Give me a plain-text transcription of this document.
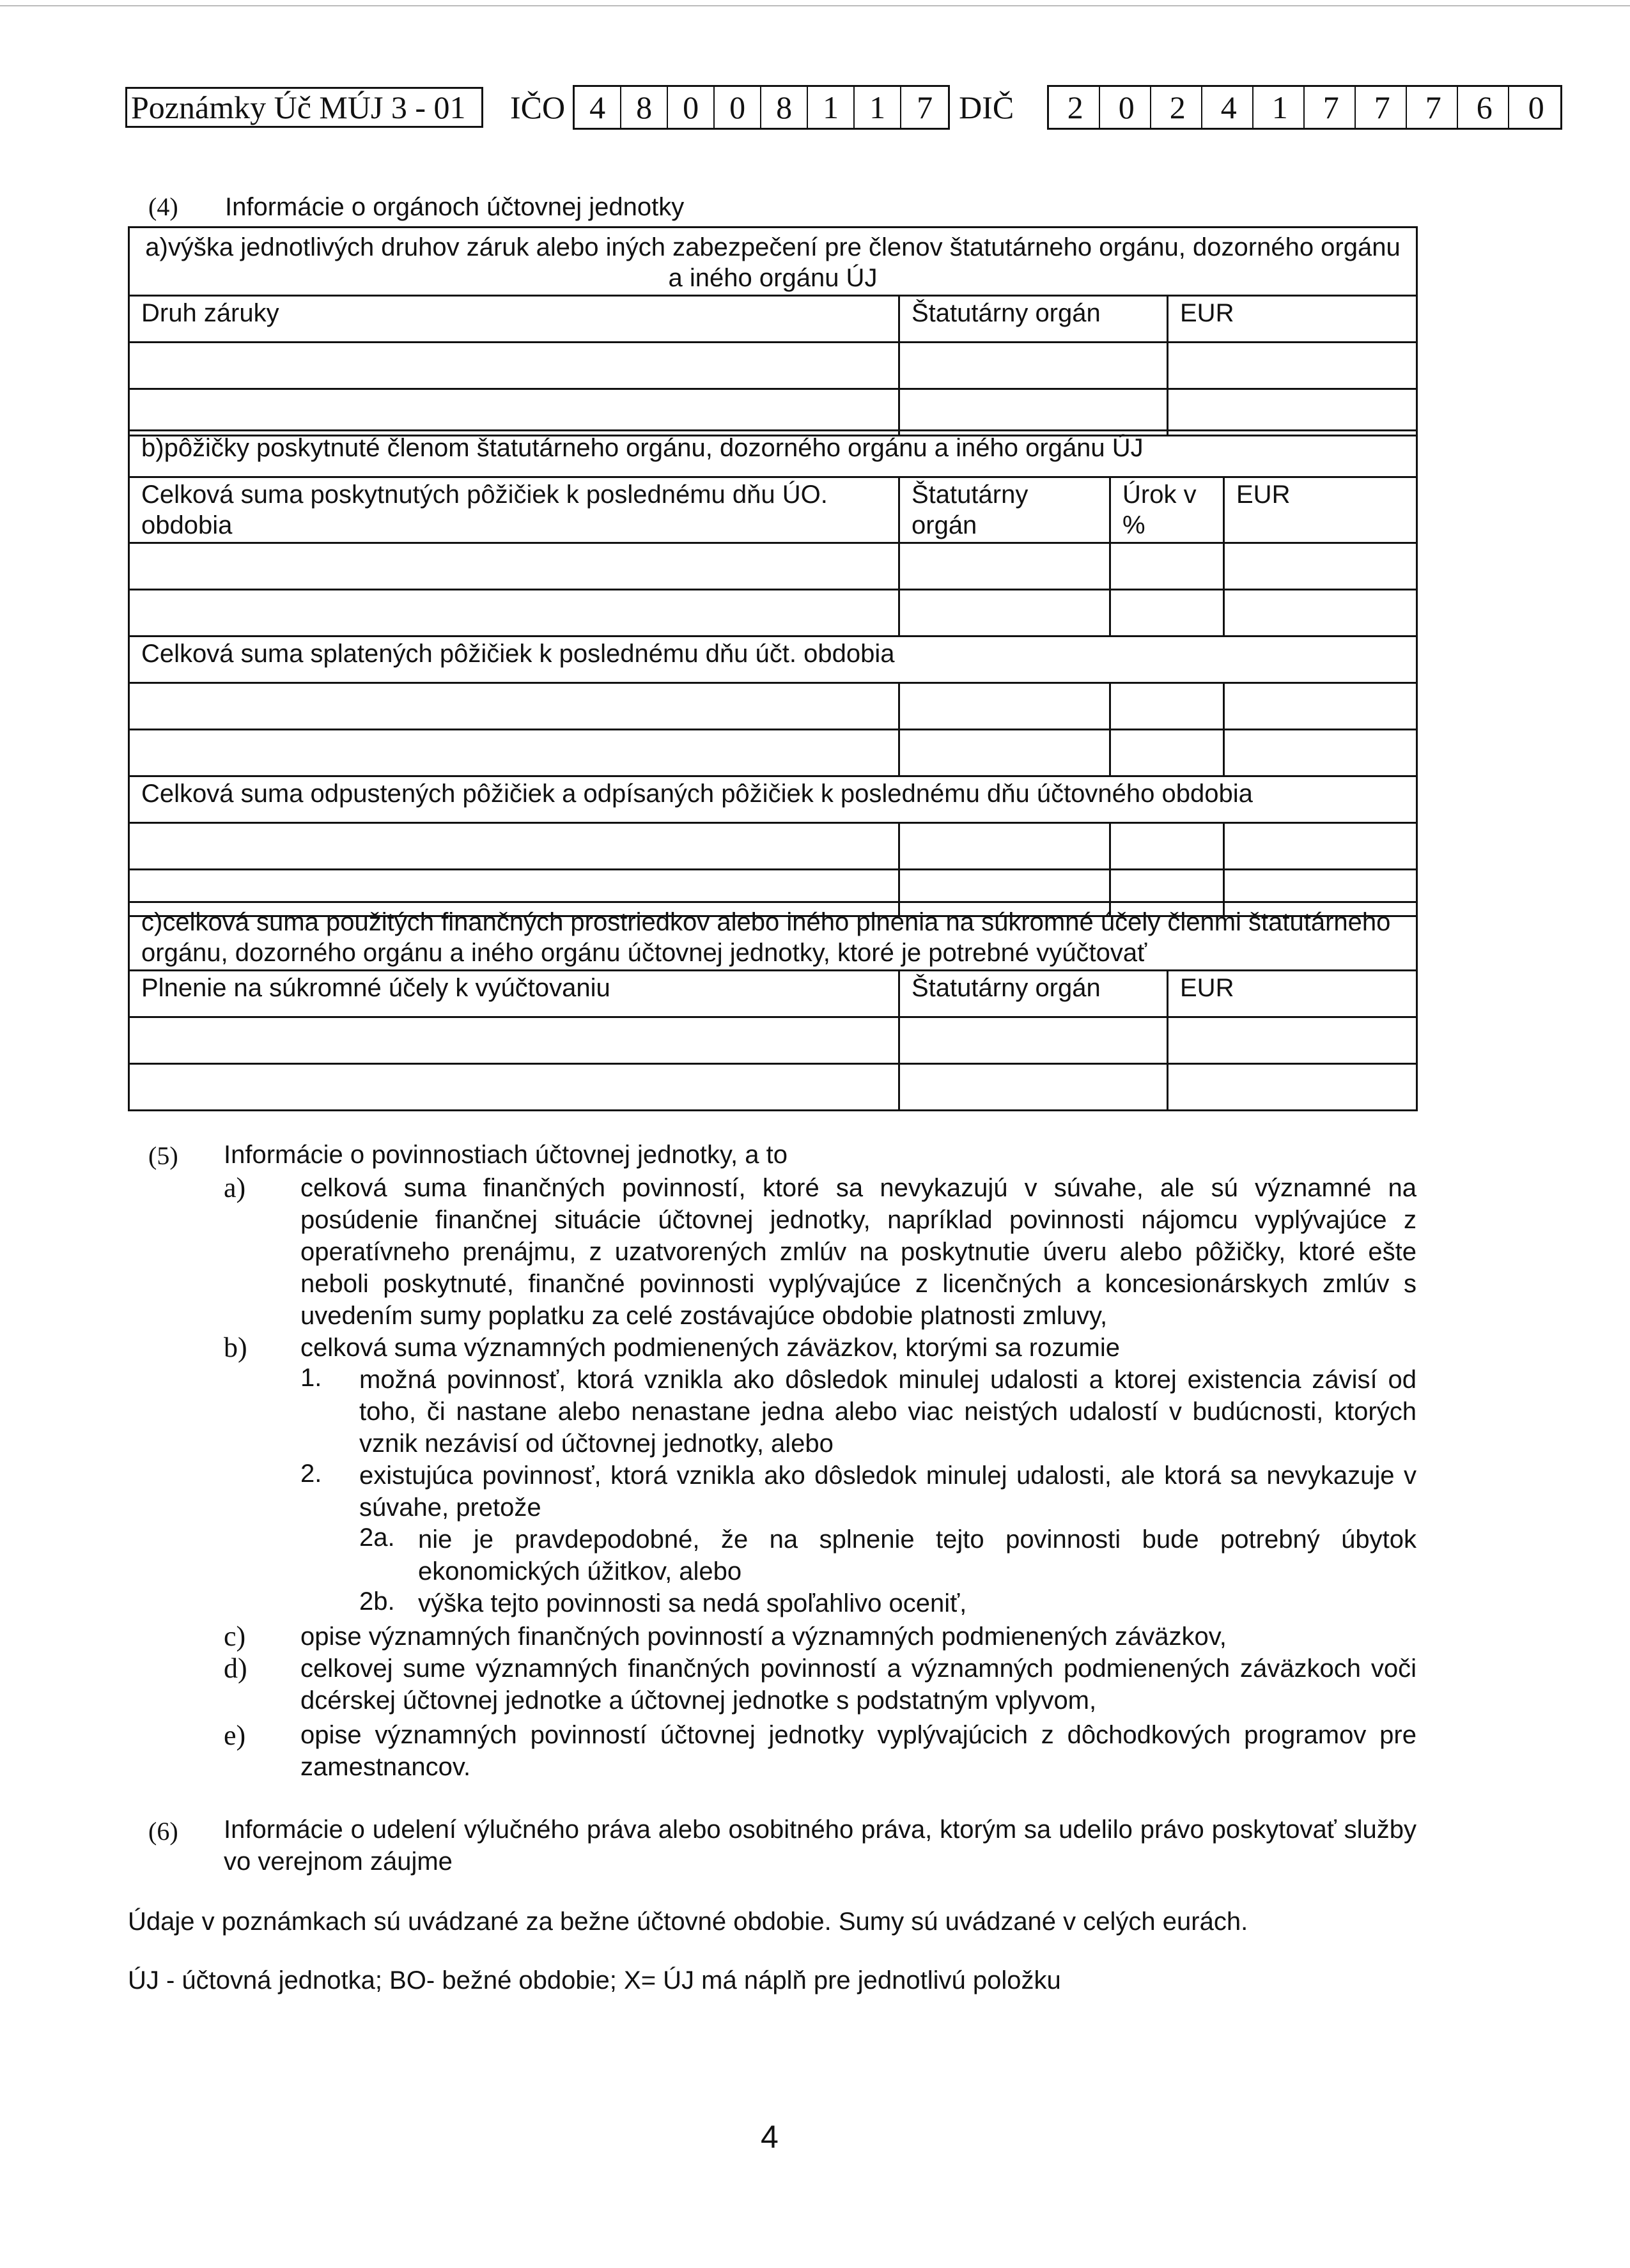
Poznámky Úč MÚJ 3 - 01	IČO 4 8 0 0 8 1 1 7 DIČ	2	0	2	4	1	7	7	7	6	0
(4) Informácie o orgánoch účtovnej jednotky
a)výška jednotlivých druhov záruk alebo iných zabezpečení pre členov štatutárneho orgánu, dozorného orgánu a iného orgánu ÚJ		
Druh záruky	Štatutárny orgán	EUR

b)pôžičky poskytnuté členom štatutárneho orgánu, dozorného orgánu a iného orgánu ÚJ			
Celková suma poskytnutých pôžičiek k poslednému dňu ÚO. obdobia	Štatutárny orgán	Úrok v %	EUR

Celková suma splatených pôžičiek k poslednému dňu účt. obdobia			

Celková suma odpustených pôžičiek a odpísaných pôžičiek k poslednému dňu účtovného obdobia			

c)celková suma použitých finančných prostriedkov alebo iného plnenia na súkromné účely členmi štatutárneho orgánu, dozorného orgánu a iného orgánu účtovnej jednotky, ktoré je potrebné vyúčtovať		
Plnenie na súkromné účely k vyúčtovaniu	Štatutárny orgán	EUR

(5) Informácie o povinnostiach účtovnej jednotky, a to
a) celková suma finančných povinností, ktoré sa nevykazujú v súvahe, ale sú významné na posúdenie finančnej situácie účtovnej jednotky, napríklad povinnosti nájomcu vyplývajúce z operatívneho prenájmu, z uzatvorených zmlúv na poskytnutie úveru alebo pôžičky, ktoré ešte neboli poskytnuté, finančné povinnosti vyplývajúce z licenčných a koncesionárskych zmlúv s uvedením sumy poplatku za celé zostávajúce obdobie platnosti zmluvy,
b) celková suma významných podmienených záväzkov, ktorými sa rozumie
1. možná povinnosť, ktorá vznikla ako dôsledok minulej udalosti a ktorej existencia závisí od toho, či nastane alebo nenastane jedna alebo viac neistých udalostí v budúcnosti, ktorých vznik nezávisí od účtovnej jednotky, alebo
2. existujúca povinnosť, ktorá vznikla ako dôsledok minulej udalosti, ale ktorá sa nevykazuje v súvahe, pretože
2a. nie je pravdepodobné, že na splnenie tejto povinnosti bude potrebný úbytok ekonomických úžitkov, alebo
2b. výška tejto povinnosti sa nedá spoľahlivo oceniť,
c) opise významných finančných povinností a významných podmienených záväzkov,
d) celkovej sume významných finančných povinností a významných podmienených záväzkoch voči dcérskej účtovnej jednotke a účtovnej jednotke s podstatným vplyvom,
e) opise významných povinností účtovnej jednotky vyplývajúcich z dôchodkových programov pre zamestnancov.
(6) Informácie o udelení výlučného práva alebo osobitného práva, ktorým sa udelilo právo poskytovať služby vo verejnom záujme
Údaje v poznámkach sú uvádzané za bežne účtovné obdobie. Sumy sú uvádzané v celých eurách.
ÚJ - účtovná jednotka; BO- bežné obdobie; X= ÚJ má náplň pre jednotlivú položku
4
